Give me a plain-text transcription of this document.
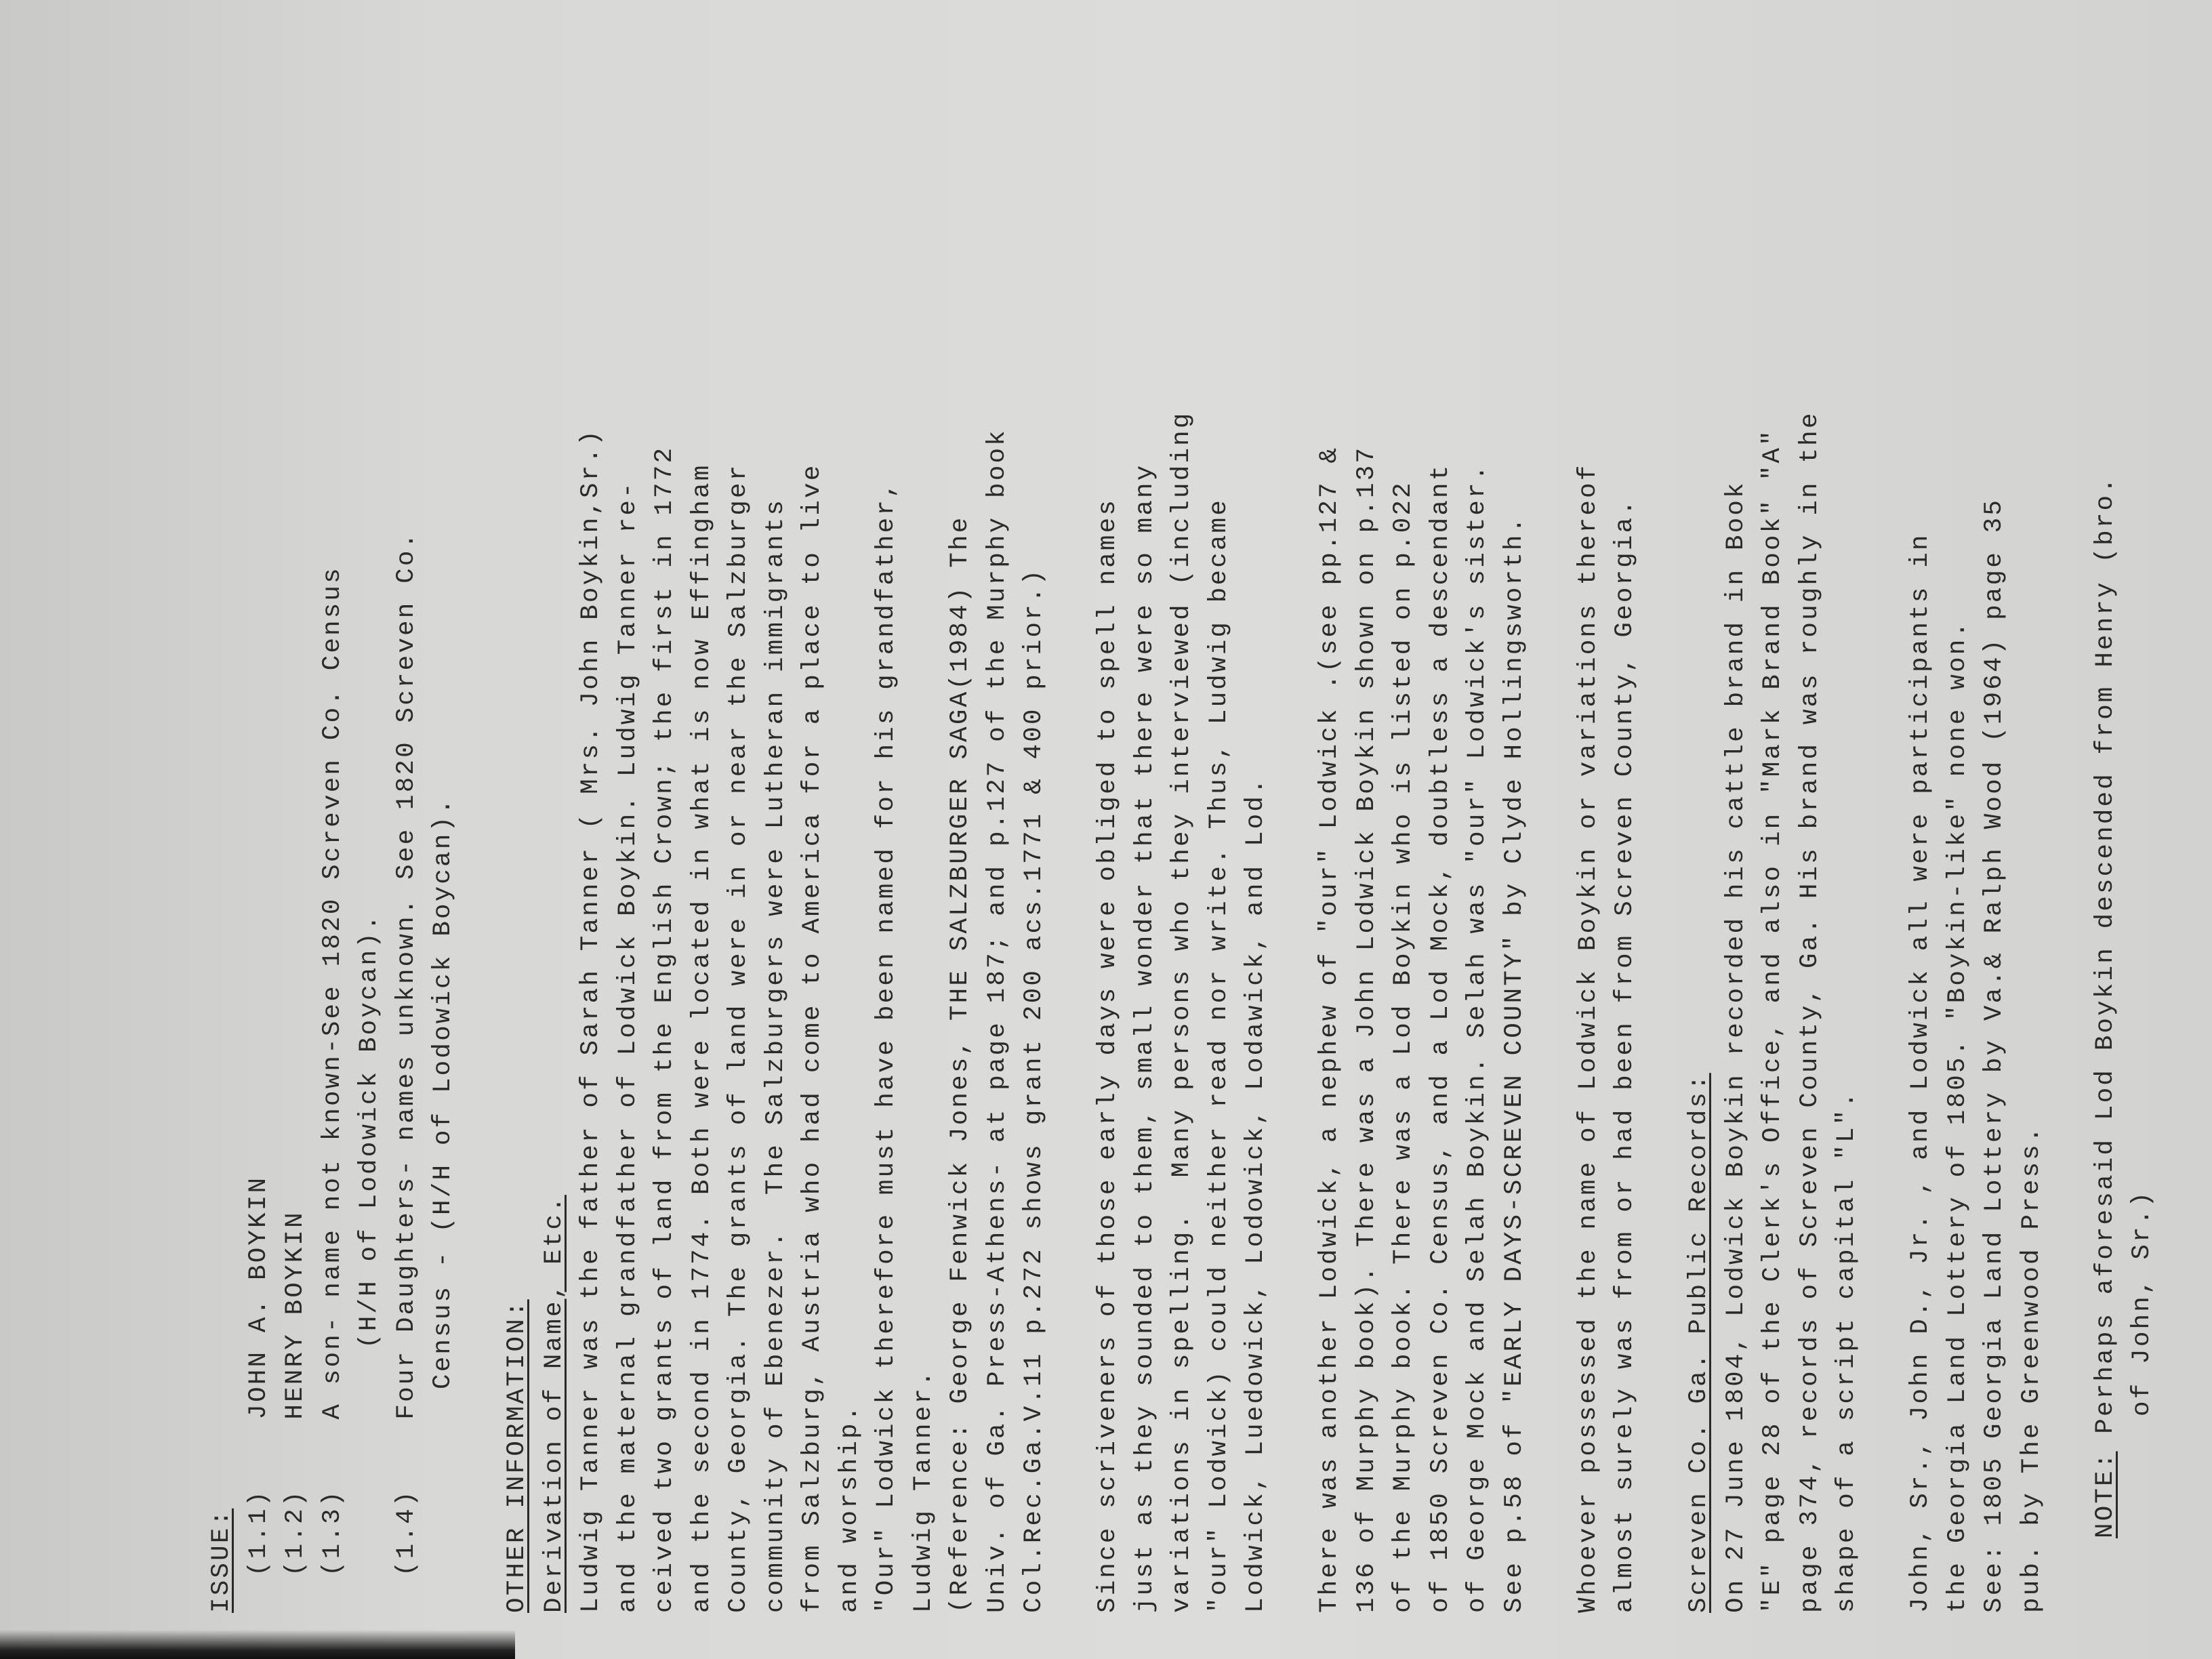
ISSUE: (1.1)    JOHN A. BOYKIN
(1.2)    HENRY BOYKIN
(1.3)    A son- name not known-See 1820 Screven Co. Census (H/H of Lodowick Boycan).
(1.4)    Four Daughters- names unknown. See 1820 Screven Co. Census - (H/H of Lodowick Boycan).
OTHER INFORMATION: Derivation of Name, Etc. Ludwig Tanner was the father of Sarah Tanner ( Mrs. John Boykin,Sr.) and the maternal grandfather of Lodwick Boykin. Ludwig Tanner re- ceived two grants of land from the English Crown; the first in 1772 and the second in 1774. Both were located in what is now Effingham County, Georgia. The grants of land were in or near the Salzburger community of Ebenezer.  The Salzburgers were Lutheran immigrants from Salzburg, Austria who had come to America for a place to live and worship. "Our" Lodwick therefore must have been named for his grandfather, Ludwig Tanner. (Reference: George Fenwick Jones, THE SALZBURGER SAGA(1984) The Univ. of Ga. Press-Athens- at page 187; and p.127 of the Murphy book Col.Rec.Ga.V.11 p.272 shows grant 200 acs.1771 & 400 prior.) Since scriveners of those early days were obliged to spell names just as they sounded to them, small wonder that there were so many variations in spelling.  Many persons who they interviewed (including "our" Lodwick) could neither read nor write. Thus, Ludwig became Lodwick, Luedowick, Lodowick, Lodawick, and Lod. There was another Lodwick, a nephew of "our" Lodwick .(see pp.127 & 136 of Murphy book). There was a John Lodwick Boykin shown on p.137 of the Murphy book. There was a Lod Boykin who is listed on p.022 of 1850 Screven Co. Census, and a Lod Mock, doubtless a descendant of George Mock and Selah Boykin. Selah was "our" Lodwick's sister. See p.58 of "EARLY DAYS-SCREVEN COUNTY" by Clyde Hollingsworth. Whoever possessed the name of Lodwick Boykin or variations thereof almost surely was from or had been from Screven County, Georgia. Screven Co. Ga. Public Records: On 27 June 1804, Lodwick Boykin recorded his cattle brand in Book "E" page 28 of the Clerk's Office, and also in "Mark Brand Book" "A" page 374, records of Screven County, Ga. His brand was roughly in the shape of a script capital "L". John, Sr., John D., Jr. , and Lodwick all were participants in the Georgia Land Lottery of 1805. "Boykin-like" none won. See: 1805 Georgia Land Lottery by Va.& Ralph Wood (1964) page 35 pub. by The Greenwood Press. NOTE: Perhaps aforesaid Lod Boykin descended from Henry (bro. of John, Sr.)
